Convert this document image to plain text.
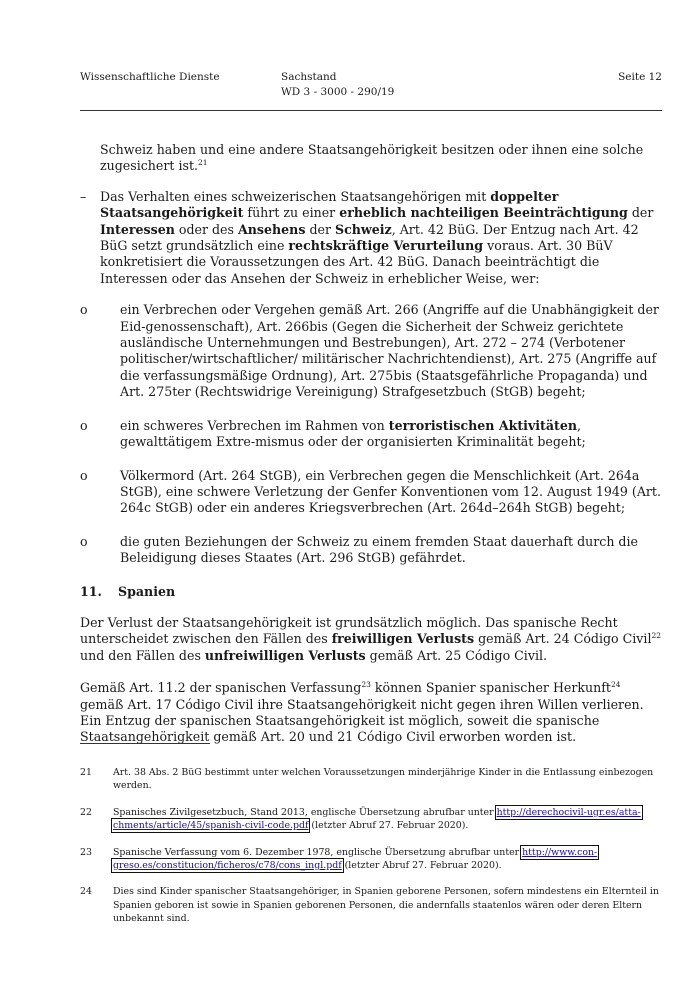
Wissenschaftliche Dienste	Sachstand
WD 3 - 3000 - 290/19
Seite 12

Schweiz haben und eine andere Staatsangehörigkeit besitzen oder ihnen eine solche zugesichert ist.$^{21}$

– Das Verhalten eines schweizerischen Staatsangehörigen mit doppelter Staatsangehörigkeit führt zu einer erheblich nachteiligen Beeinträchtigung der Interessen oder des Ansehens der Schweiz, Art. 42 BüG. Der Entzug nach Art. 42 BüG setzt grundsätzlich eine rechtskräftige Verurteilung voraus. Art. 30 BüV konkretisiert die Voraussetzungen des Art. 42 BüG. Danach beeinträchtigt die Interessen oder das Ansehen der Schweiz in erheblicher Weise, wer:

o	ein Verbrechen oder Vergehen gemäß Art. 266 (Angriffe auf die Unabhängigkeit der Eid-genossenschaft), Art. 266bis (Gegen die Sicherheit der Schweiz gerichtete ausländische Unternehmungen und Bestrebungen), Art. 272 – 274 (Verbotener politischer/wirtschaftlicher/ militärischer Nachrichtendienst), Art. 275 (Angriffe auf die verfassungsmäßige Ordnung), Art. 275bis (Staatsgefährliche Propaganda) und Art. 275ter (Rechtswidrige Vereinigung) Strafgesetzbuch (StGB) begeht;

o	ein schweres Verbrechen im Rahmen von terroristischen Aktivitäten, gewalttätigem Extre-mismus oder der organisierten Kriminalität begeht;

o	Völkermord (Art. 264 StGB), ein Verbrechen gegen die Menschlichkeit (Art. 264a StGB), eine schwere Verletzung der Genfer Konventionen vom 12. August 1949 (Art. 264c StGB) oder ein anderes Kriegsverbrechen (Art. 264d–264h StGB) begeht;

o	die guten Beziehungen der Schweiz zu einem fremden Staat dauerhaft durch die Beleidigung dieses Staates (Art. 296 StGB) gefährdet.

11. Spanien

Der Verlust der Staatsangehörigkeit ist grundsätzlich möglich. Das spanische Recht unterscheidet zwischen den Fällen des freiwilligen Verlusts gemäß Art. 24 Código Civil$^{22}$ und den Fällen des unfreiwilligen Verlusts gemäß Art. 25 Código Civil.

Gemäß Art. 11.2 der spanischen Verfassung$^{23}$ können Spanier spanischer Herkunft$^{24}$ gemäß Art. 17 Código Civil ihre Staatsangehörigkeit nicht gegen ihren Willen verlieren. Ein Entzug der spanischen Staatsangehörigkeit ist möglich, soweit die spanische Staatsangehörigkeit gemäß Art. 20 und 21 Código Civil erworben worden ist.

21 Art. 38 Abs. 2 BüG bestimmt unter welchen Voraussetzungen minderjährige Kinder in die Entlassung einbezogen werden.
22 Spanisches Zivilgesetzbuch, Stand 2013, englische Übersetzung abrufbar unter http://derechocivil-ugr.es/atta-chments/article/45/spanish-civil-code.pdf (letzter Abruf 27. Februar 2020).
23 Spanische Verfassung vom 6. Dezember 1978, englische Übersetzung abrufbar unter http://www.con-greso.es/constitucion/ficheros/c78/cons_ingl.pdf (letzter Abruf 27. Februar 2020).
24 Dies sind Kinder spanischer Staatsangehöriger, in Spanien geborene Personen, sofern mindestens ein Elternteil in Spanien geboren ist sowie in Spanien geborenen Personen, die andernfalls staatenlos wären oder deren Eltern unbekannt sind.
